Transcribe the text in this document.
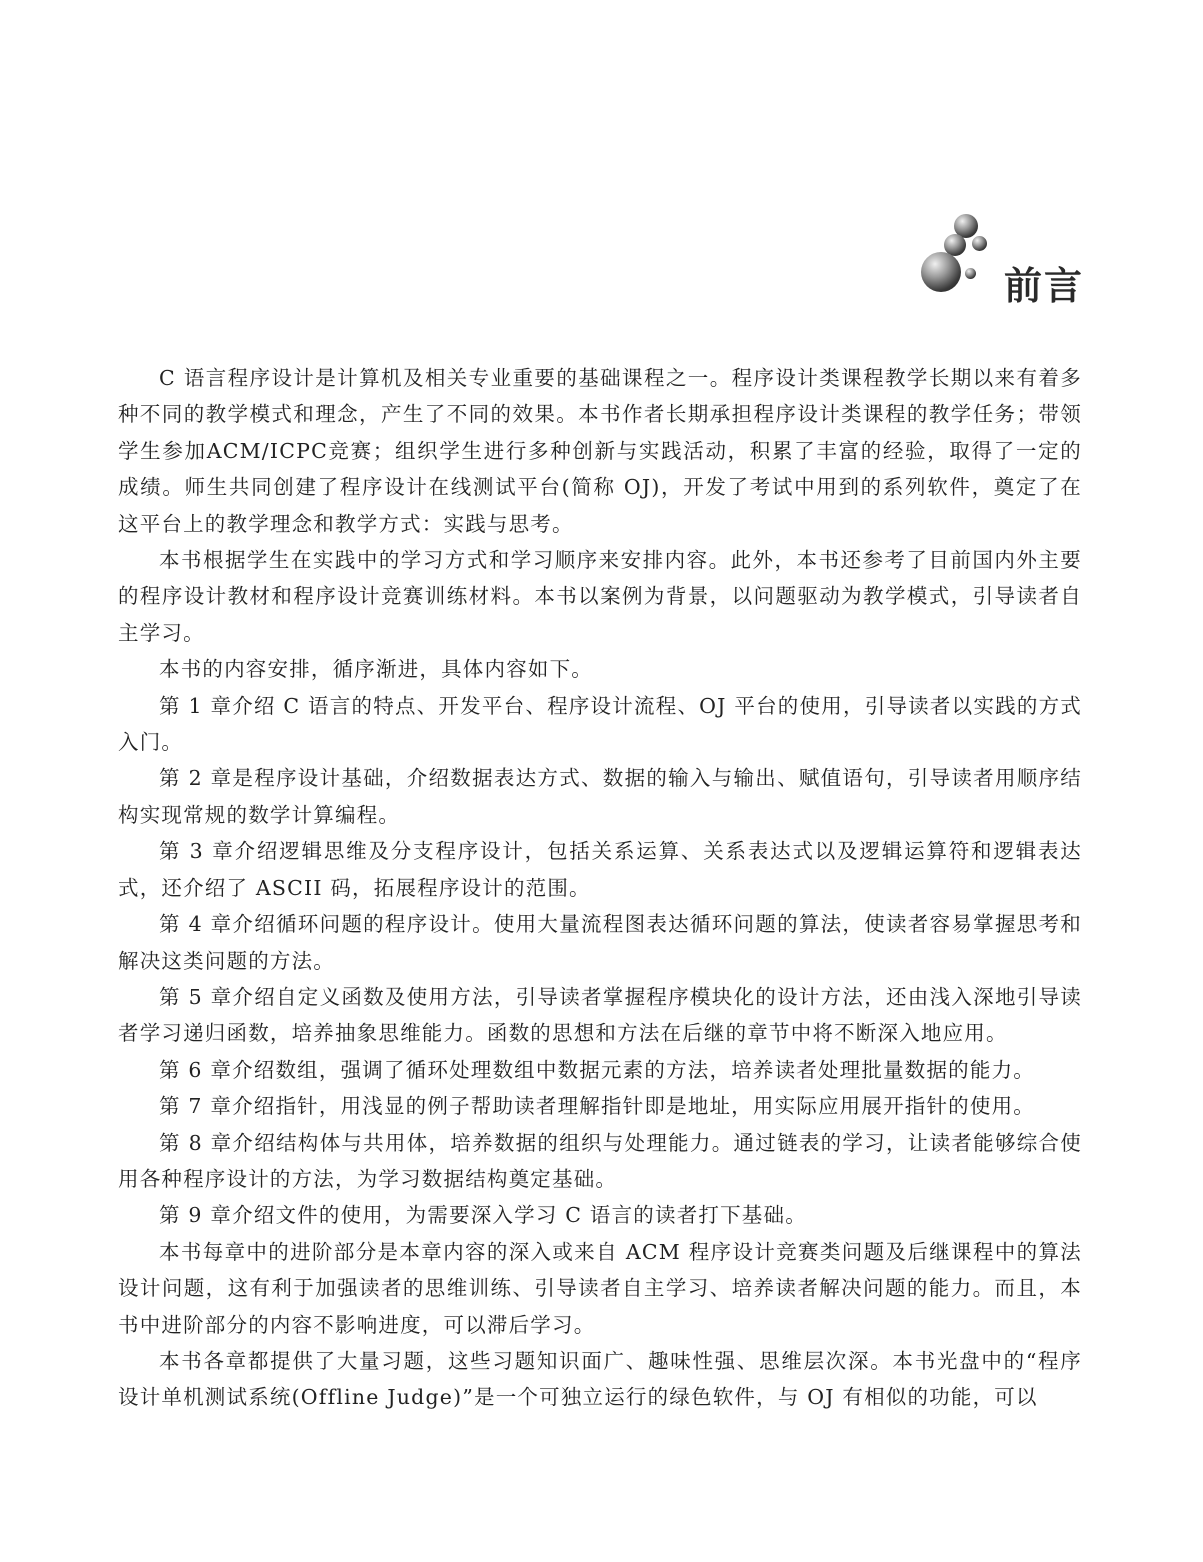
前言

C 语言程序设计是计算机及相关专业重要的基础课程之一。程序设计类课程教学长期以来有着多种不同的教学模式和理念，产生了不同的效果。本书作者长期承担程序设计类课程的教学任务；带领学生参加ACM/ICPC竞赛；组织学生进行多种创新与实践活动，积累了丰富的经验，取得了一定的成绩。师生共同创建了程序设计在线测试平台(简称 OJ)，开发了考试中用到的系列软件，奠定了在这平台上的教学理念和教学方式：实践与思考。

本书根据学生在实践中的学习方式和学习顺序来安排内容。此外，本书还参考了目前国内外主要的程序设计教材和程序设计竞赛训练材料。本书以案例为背景，以问题驱动为教学模式，引导读者自主学习。

本书的内容安排，循序渐进，具体内容如下。

第 1 章介绍 C 语言的特点、开发平台、程序设计流程、OJ 平台的使用，引导读者以实践的方式入门。

第 2 章是程序设计基础，介绍数据表达方式、数据的输入与输出、赋值语句，引导读者用顺序结构实现常规的数学计算编程。

第 3 章介绍逻辑思维及分支程序设计，包括关系运算、关系表达式以及逻辑运算符和逻辑表达式，还介绍了 ASCII 码，拓展程序设计的范围。

第 4 章介绍循环问题的程序设计。使用大量流程图表达循环问题的算法，使读者容易掌握思考和解决这类问题的方法。

第 5 章介绍自定义函数及使用方法，引导读者掌握程序模块化的设计方法，还由浅入深地引导读者学习递归函数，培养抽象思维能力。函数的思想和方法在后继的章节中将不断深入地应用。

第 6 章介绍数组，强调了循环处理数组中数据元素的方法，培养读者处理批量数据的能力。

第 7 章介绍指针，用浅显的例子帮助读者理解指针即是地址，用实际应用展开指针的使用。

第 8 章介绍结构体与共用体，培养数据的组织与处理能力。通过链表的学习，让读者能够综合使用各种程序设计的方法，为学习数据结构奠定基础。

第 9 章介绍文件的使用，为需要深入学习 C 语言的读者打下基础。

本书每章中的进阶部分是本章内容的深入或来自 ACM 程序设计竞赛类问题及后继课程中的算法设计问题，这有利于加强读者的思维训练、引导读者自主学习、培养读者解决问题的能力。而且，本书中进阶部分的内容不影响进度，可以滞后学习。

本书各章都提供了大量习题，这些习题知识面广、趣味性强、思维层次深。本书光盘中的“程序设计单机测试系统(Offline Judge)”是一个可独立运行的绿色软件，与 OJ 有相似的功能，可以
